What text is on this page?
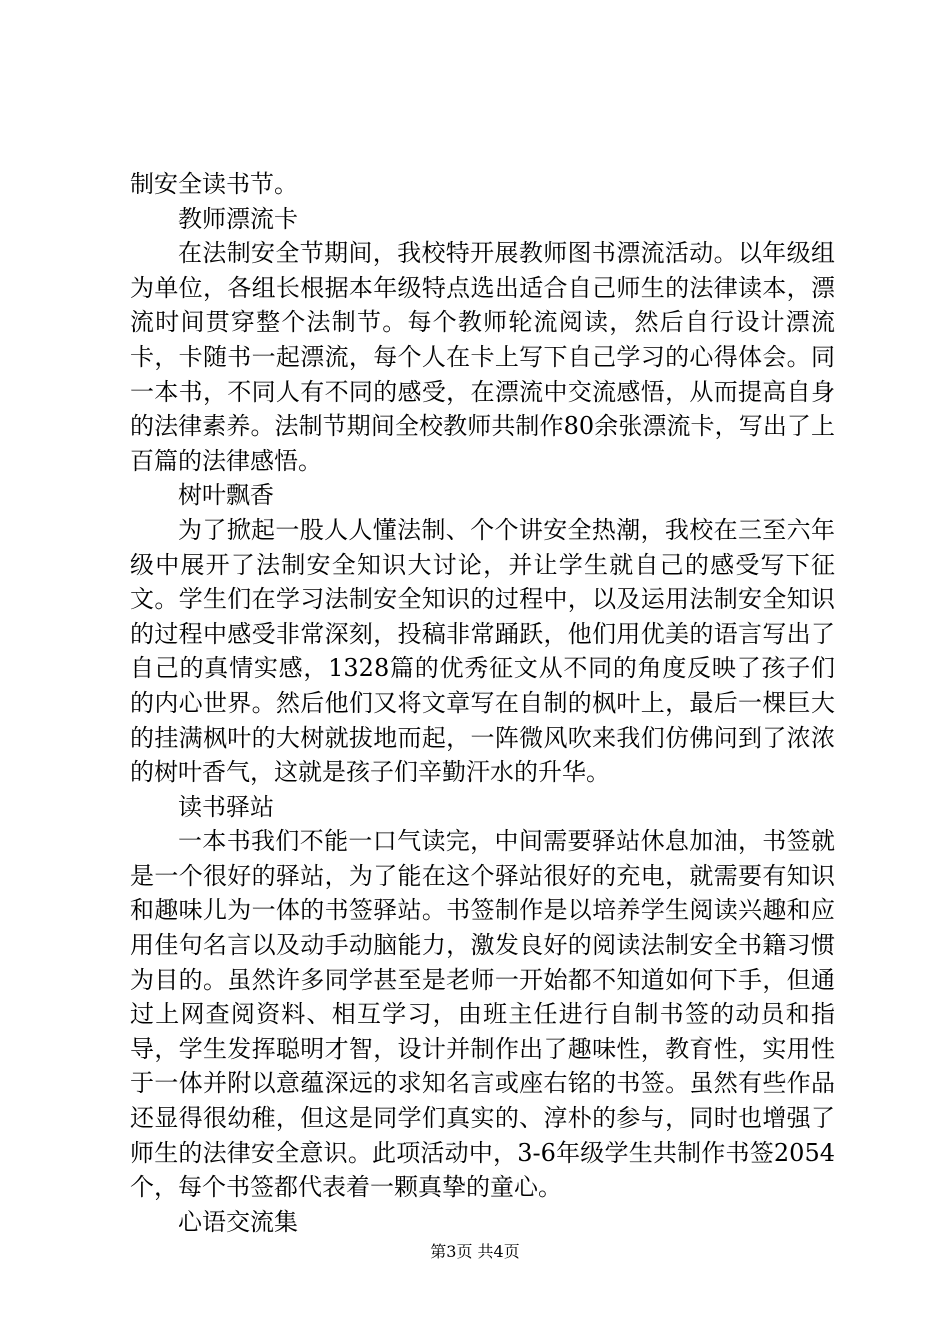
制安全读书节。

教师漂流卡

在法制安全节期间，我校特开展教师图书漂流活动。以年级组为单位，各组长根据本年级特点选出适合自己师生的法律读本，漂流时间贯穿整个法制节。每个教师轮流阅读，然后自行设计漂流卡，卡随书一起漂流，每个人在卡上写下自己学习的心得体会。同一本书，不同人有不同的感受，在漂流中交流感悟，从而提高自身的法律素养。法制节期间全校教师共制作80余张漂流卡，写出了上百篇的法律感悟。

树叶飘香

为了掀起一股人人懂法制、个个讲安全热潮，我校在三至六年级中展开了法制安全知识大讨论，并让学生就自己的感受写下征文。学生们在学习法制安全知识的过程中，以及运用法制安全知识的过程中感受非常深刻，投稿非常踊跃，他们用优美的语言写出了自己的真情实感，1328篇的优秀征文从不同的角度反映了孩子们的内心世界。然后他们又将文章写在自制的枫叶上，最后一棵巨大的挂满枫叶的大树就拔地而起，一阵微风吹来我们仿佛问到了浓浓的树叶香气，这就是孩子们辛勤汗水的升华。

读书驿站

一本书我们不能一口气读完，中间需要驿站休息加油，书签就是一个很好的驿站，为了能在这个驿站很好的充电，就需要有知识和趣味儿为一体的书签驿站。书签制作是以培养学生阅读兴趣和应用佳句名言以及动手动脑能力，激发良好的阅读法制安全书籍习惯为目的。虽然许多同学甚至是老师一开始都不知道如何下手，但通过上网查阅资料、相互学习，由班主任进行自制书签的动员和指导，学生发挥聪明才智，设计并制作出了趣味性，教育性，实用性于一体并附以意蕴深远的求知名言或座右铭的书签。虽然有些作品还显得很幼稚，但这是同学们真实的、淳朴的参与，同时也增强了师生的法律安全意识。此项活动中，3-6年级学生共制作书签2054个，每个书签都代表着一颗真挚的童心。

心语交流集

第3页 共4页
